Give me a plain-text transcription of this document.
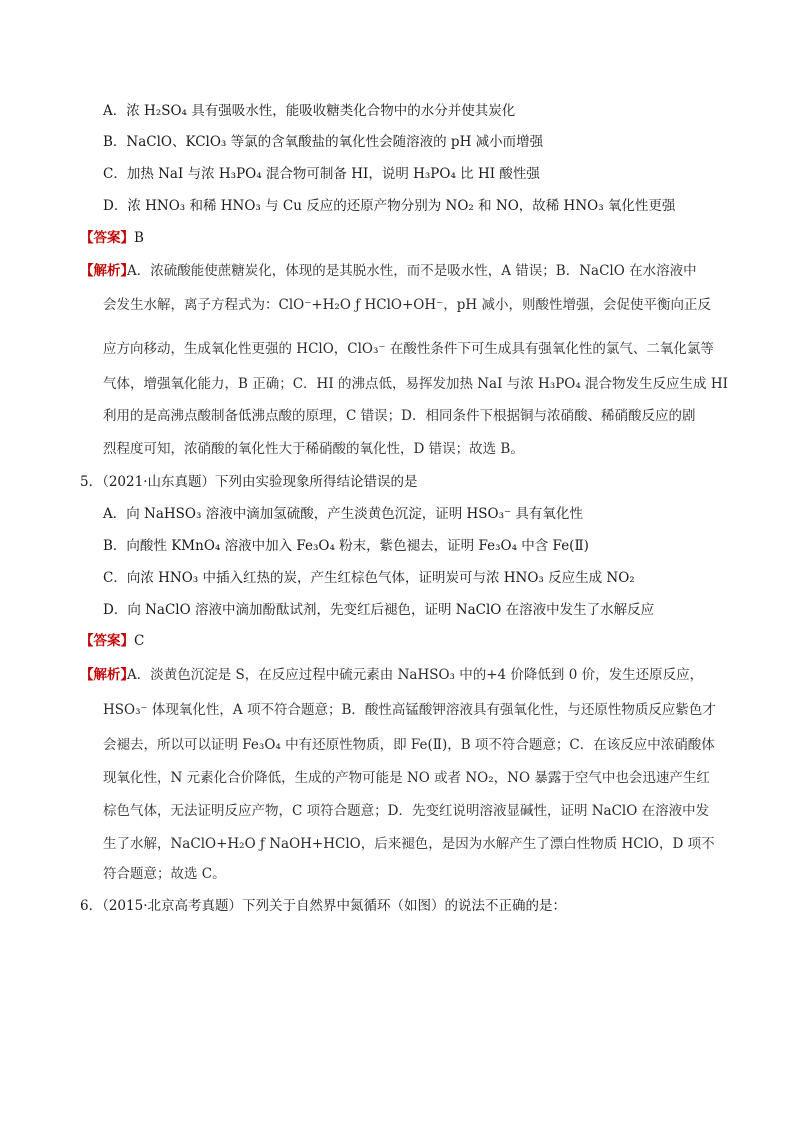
A．浓 H₂SO₄ 具有强吸水性，能吸收糖类化合物中的水分并使其炭化
B．NaClO、KClO₃ 等氯的含氧酸盐的氧化性会随溶液的 pH 减小而增强
C．加热 NaI 与浓 H₃PO₄ 混合物可制备 HI，说明 H₃PO₄ 比 HI 酸性强
D．浓 HNO₃ 和稀 HNO₃ 与 Cu 反应的还原产物分别为 NO₂ 和 NO，故稀 HNO₃ 氧化性更强
【答案】B
【解析】
A．浓硫酸能使蔗糖炭化，体现的是其脱水性，而不是吸水性，A 错误；B．NaClO 在水溶液中
会发生水解，离子方程式为：ClO⁻+H₂O ƒ HClO+OH⁻，pH 减小，则酸性增强，会促使平衡向正反
应方向移动，生成氧化性更强的 HClO，ClO₃⁻ 在酸性条件下可生成具有强氧化性的氯气、二氧化氯等
气体，增强氧化能力，B 正确；C．HI 的沸点低，易挥发加热 NaI 与浓 H₃PO₄ 混合物发生反应生成 HI
利用的是高沸点酸制备低沸点酸的原理，C 错误；D．相同条件下根据铜与浓硝酸、稀硝酸反应的剧
烈程度可知，浓硝酸的氧化性大于稀硝酸的氧化性，D 错误；故选 B。
5．（2021·山东真题）下列由实验现象所得结论错误的是
A．向 NaHSO₃ 溶液中滴加氢硫酸，产生淡黄色沉淀，证明 HSO₃⁻ 具有氧化性
B．向酸性 KMnO₄ 溶液中加入 Fe₃O₄ 粉末，紫色褪去，证明 Fe₃O₄ 中含 Fe(Ⅱ)
C．向浓 HNO₃ 中插入红热的炭，产生红棕色气体，证明炭可与浓 HNO₃ 反应生成 NO₂
D．向 NaClO 溶液中滴加酚酞试剂，先变红后褪色，证明 NaClO 在溶液中发生了水解反应
【答案】C
【解析】
A．淡黄色沉淀是 S，在反应过程中硫元素由 NaHSO₃ 中的+4 价降低到 0 价，发生还原反应，
HSO₃⁻ 体现氧化性，A 项不符合题意；B．酸性高锰酸钾溶液具有强氧化性，与还原性物质反应紫色才
会褪去，所以可以证明 Fe₃O₄ 中有还原性物质，即 Fe(Ⅱ)，B 项不符合题意；C．在该反应中浓硝酸体
现氧化性，N 元素化合价降低，生成的产物可能是 NO 或者 NO₂，NO 暴露于空气中也会迅速产生红
棕色气体，无法证明反应产物，C 项符合题意；D．先变红说明溶液显碱性，证明 NaClO 在溶液中发
生了水解，NaClO+H₂O ƒ NaOH+HClO，后来褪色，是因为水解产生了漂白性物质 HClO，D 项不
符合题意；故选 C。
6．（2015·北京高考真题）下列关于自然界中氮循环（如图）的说法不正确的是：
